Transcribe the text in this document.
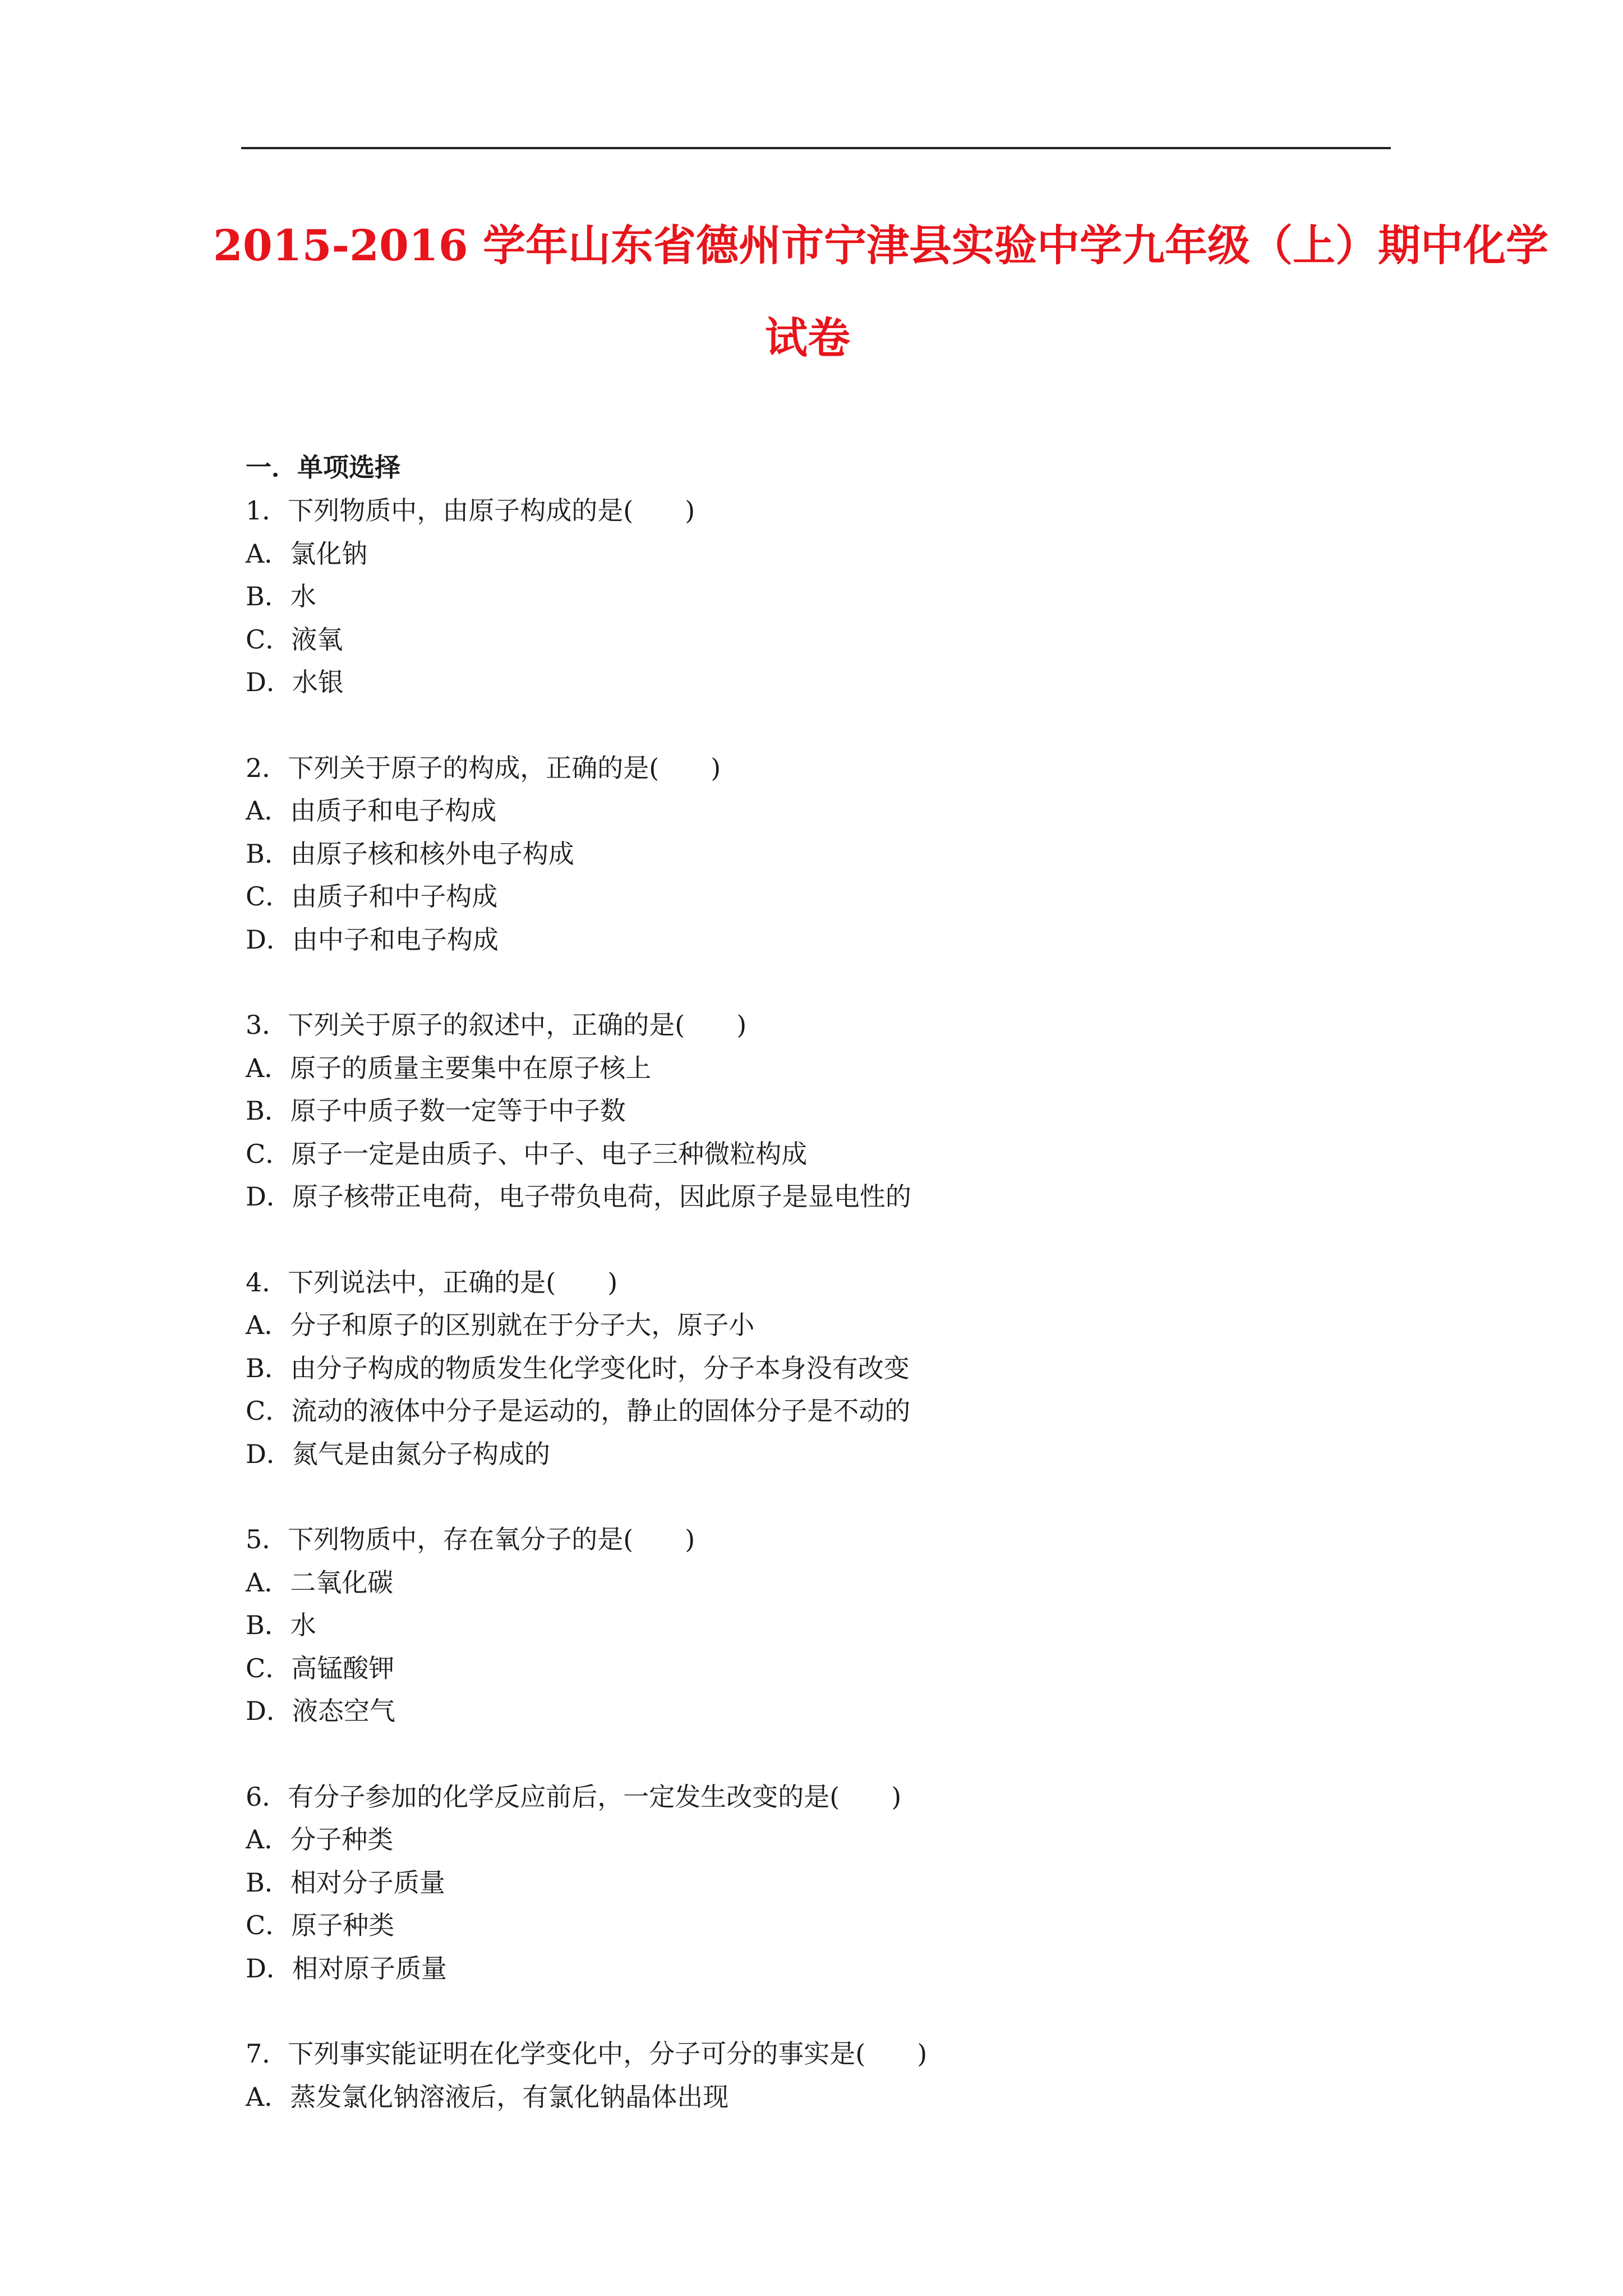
2015-2016 学年山东省德州市宁津县实验中学九年级（上）期中化学
试卷
一．单项选择
1．下列物质中，由原子构成的是(　　)
A．氯化钠
B．水
C．液氧
D．水银
2．下列关于原子的构成，正确的是(　　)
A．由质子和电子构成
B．由原子核和核外电子构成
C．由质子和中子构成
D．由中子和电子构成
3．下列关于原子的叙述中，正确的是(　　)
A．原子的质量主要集中在原子核上
B．原子中质子数一定等于中子数
C．原子一定是由质子、中子、电子三种微粒构成
D．原子核带正电荷，电子带负电荷，因此原子是显电性的
4．下列说法中，正确的是(　　)
A．分子和原子的区别就在于分子大，原子小
B．由分子构成的物质发生化学变化时，分子本身没有改变
C．流动的液体中分子是运动的，静止的固体分子是不动的
D．氮气是由氮分子构成的
5．下列物质中，存在氧分子的是(　　)
A．二氧化碳
B．水
C．高锰酸钾
D．液态空气
6．有分子参加的化学反应前后，一定发生改变的是(　　)
A．分子种类
B．相对分子质量
C．原子种类
D．相对原子质量
7．下列事实能证明在化学变化中，分子可分的事实是(　　)
A．蒸发氯化钠溶液后，有氯化钠晶体出现
